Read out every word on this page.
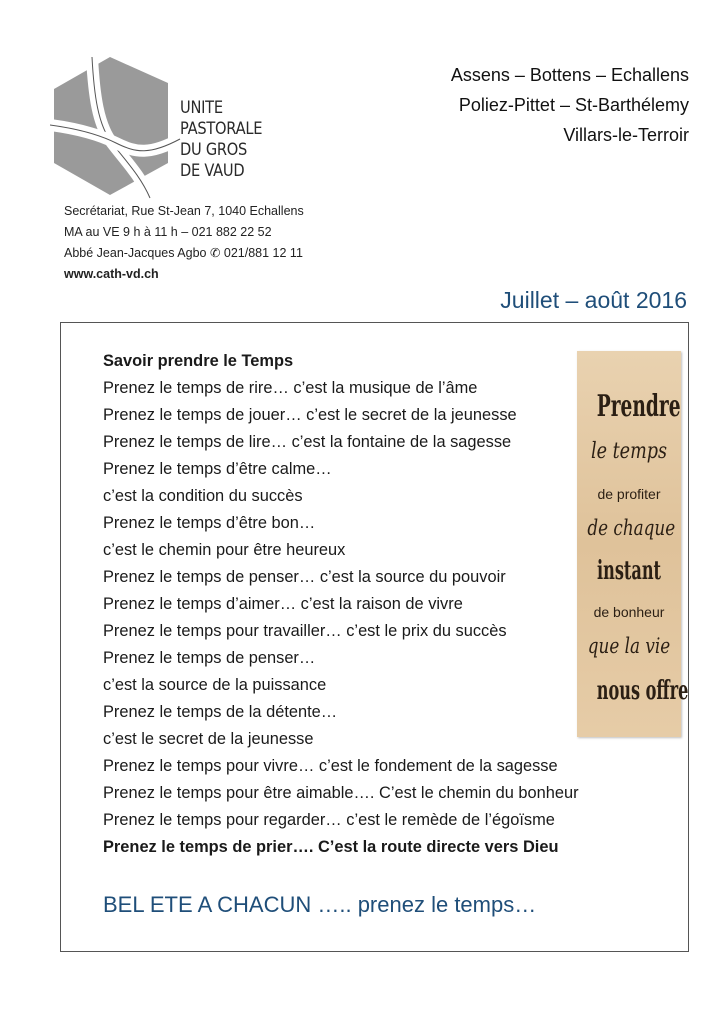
UNITE
PASTORALE
DU GROS
DE VAUD
Assens – Bottens – Echallens
Poliez-Pittet – St-Barthélemy
Villars-le-Terroir
Secrétariat, Rue St-Jean 7, 1040 Echallens
MA au VE 9 h à 11 h – 021 882 22 52
Abbé Jean-Jacques Agbo ✆ 021/881 12 11
www.cath-vd.ch
Juillet – août 2016
Savoir prendre le Temps
Prenez le temps de rire… c’est la musique de l’âme
Prenez le temps de jouer… c’est le secret de la jeunesse
Prenez le temps de lire… c’est la fontaine de la sagesse
Prenez le temps d’être calme…
c’est la condition du succès
Prenez le temps d’être bon…
c’est le chemin pour être heureux
Prenez le temps de penser… c’est la source du pouvoir
Prenez le temps d’aimer… c’est la raison de vivre
Prenez le temps pour travailler… c’est le prix du succès
Prenez le temps de penser…
c’est la source de la puissance
Prenez le temps de la détente…
c’est le secret de la jeunesse
Prenez le temps pour vivre… c’est le fondement de la sagesse
Prenez le temps pour être aimable…. C’est le chemin du bonheur
Prenez le temps pour regarder… c’est le remède de l’égoïsme
Prenez le temps de prier…. C’est la route directe vers Dieu
BEL ETE A CHACUN ….. prenez le temps…
Prendre
le temps
de profiter
de chaque
instant
de bonheur
que la vie
nous offre
